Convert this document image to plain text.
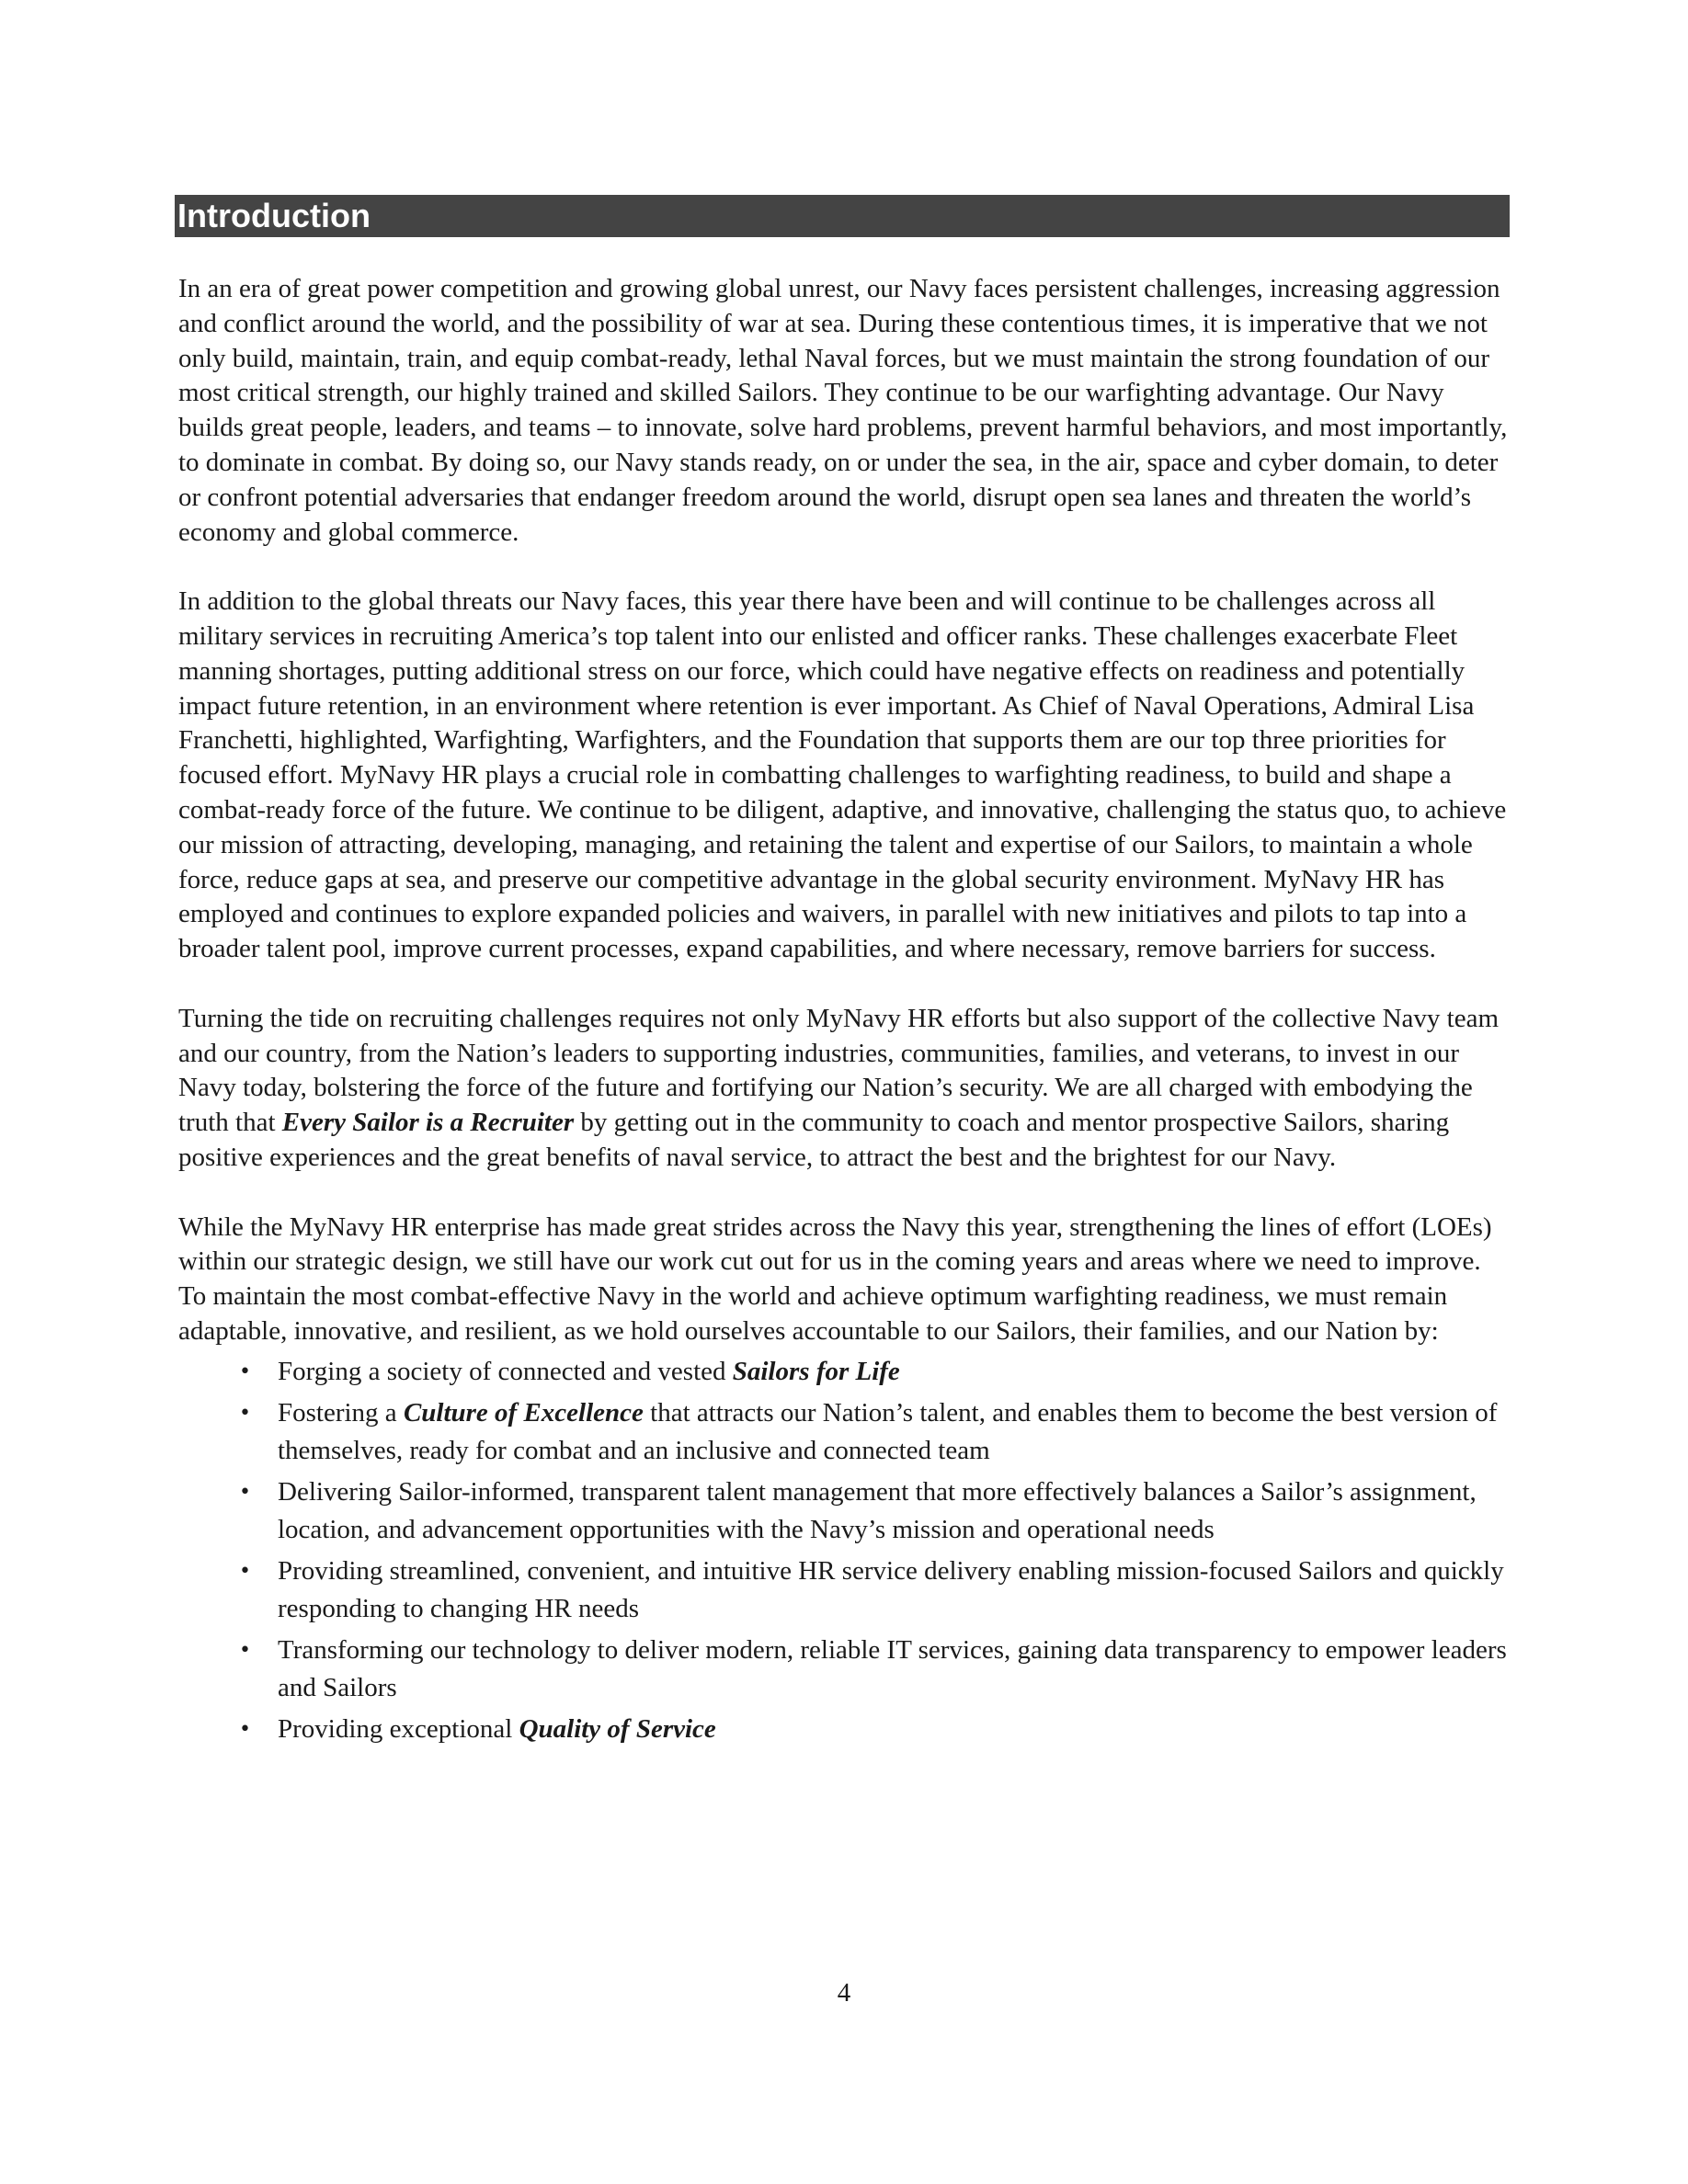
Introduction

In an era of great power competition and growing global unrest, our Navy faces persistent challenges, increasing aggression and conflict around the world, and the possibility of war at sea. During these contentious times, it is imperative that we not only build, maintain, train, and equip combat-ready, lethal Naval forces, but we must maintain the strong foundation of our most critical strength, our highly trained and skilled Sailors. They continue to be our warfighting advantage. Our Navy builds great people, leaders, and teams – to innovate, solve hard problems, prevent harmful behaviors, and most importantly, to dominate in combat. By doing so, our Navy stands ready, on or under the sea, in the air, space and cyber domain, to deter or confront potential adversaries that endanger freedom around the world, disrupt open sea lanes and threaten the world’s economy and global commerce.

In addition to the global threats our Navy faces, this year there have been and will continue to be challenges across all military services in recruiting America’s top talent into our enlisted and officer ranks. These challenges exacerbate Fleet manning shortages, putting additional stress on our force, which could have negative effects on readiness and potentially impact future retention, in an environment where retention is ever important. As Chief of Naval Operations, Admiral Lisa Franchetti, highlighted, Warfighting, Warfighters, and the Foundation that supports them are our top three priorities for focused effort. MyNavy HR plays a crucial role in combatting challenges to warfighting readiness, to build and shape a combat-ready force of the future. We continue to be diligent, adaptive, and innovative, challenging the status quo, to achieve our mission of attracting, developing, managing, and retaining the talent and expertise of our Sailors, to maintain a whole force, reduce gaps at sea, and preserve our competitive advantage in the global security environment. MyNavy HR has employed and continues to explore expanded policies and waivers, in parallel with new initiatives and pilots to tap into a broader talent pool, improve current processes, expand capabilities, and where necessary, remove barriers for success.

Turning the tide on recruiting challenges requires not only MyNavy HR efforts but also support of the collective Navy team and our country, from the Nation’s leaders to supporting industries, communities, families, and veterans, to invest in our Navy today, bolstering the force of the future and fortifying our Nation’s security. We are all charged with embodying the truth that Every Sailor is a Recruiter by getting out in the community to coach and mentor prospective Sailors, sharing positive experiences and the great benefits of naval service, to attract the best and the brightest for our Navy.

While the MyNavy HR enterprise has made great strides across the Navy this year, strengthening the lines of effort (LOEs) within our strategic design, we still have our work cut out for us in the coming years and areas where we need to improve. To maintain the most combat-effective Navy in the world and achieve optimum warfighting readiness, we must remain adaptable, innovative, and resilient, as we hold ourselves accountable to our Sailors, their families, and our Nation by:

• Forging a society of connected and vested Sailors for Life
• Fostering a Culture of Excellence that attracts our Nation’s talent, and enables them to become the best version of themselves, ready for combat and an inclusive and connected team
• Delivering Sailor-informed, transparent talent management that more effectively balances a Sailor’s assignment, location, and advancement opportunities with the Navy’s mission and operational needs
• Providing streamlined, convenient, and intuitive HR service delivery enabling mission-focused Sailors and quickly responding to changing HR needs
• Transforming our technology to deliver modern, reliable IT services, gaining data transparency to empower leaders and Sailors
• Providing exceptional Quality of Service
4
